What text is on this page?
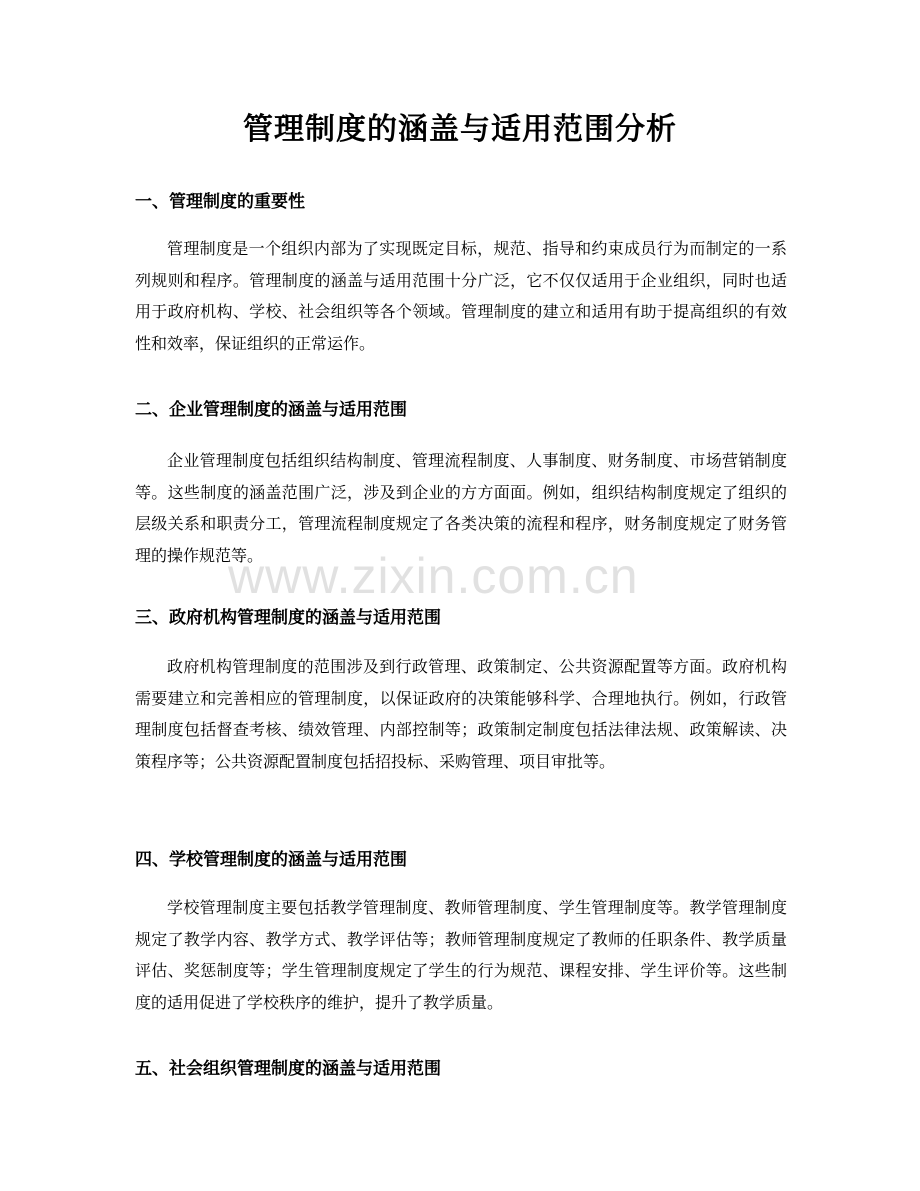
管理制度的涵盖与适用范围分析
一、管理制度的重要性

管理制度是一个组织内部为了实现既定目标，规范、指导和约束成员行为而制定的一系列规则和程序。管理制度的涵盖与适用范围十分广泛，它不仅仅适用于企业组织，同时也适用于政府机构、学校、社会组织等各个领域。管理制度的建立和适用有助于提高组织的有效性和效率，保证组织的正常运作。

二、企业管理制度的涵盖与适用范围

企业管理制度包括组织结构制度、管理流程制度、人事制度、财务制度、市场营销制度等。这些制度的涵盖范围广泛，涉及到企业的方方面面。例如，组织结构制度规定了组织的层级关系和职责分工，管理流程制度规定了各类决策的流程和程序，财务制度规定了财务管理的操作规范等。

三、政府机构管理制度的涵盖与适用范围

政府机构管理制度的范围涉及到行政管理、政策制定、公共资源配置等方面。政府机构需要建立和完善相应的管理制度，以保证政府的决策能够科学、合理地执行。例如，行政管理制度包括督查考核、绩效管理、内部控制等；政策制定制度包括法律法规、政策解读、决策程序等；公共资源配置制度包括招投标、采购管理、项目审批等。

四、学校管理制度的涵盖与适用范围

学校管理制度主要包括教学管理制度、教师管理制度、学生管理制度等。教学管理制度规定了教学内容、教学方式、教学评估等；教师管理制度规定了教师的任职条件、教学质量评估、奖惩制度等；学生管理制度规定了学生的行为规范、课程安排、学生评价等。这些制度的适用促进了学校秩序的维护，提升了教学质量。

五、社会组织管理制度的涵盖与适用范围
www.zixin.com.cn
